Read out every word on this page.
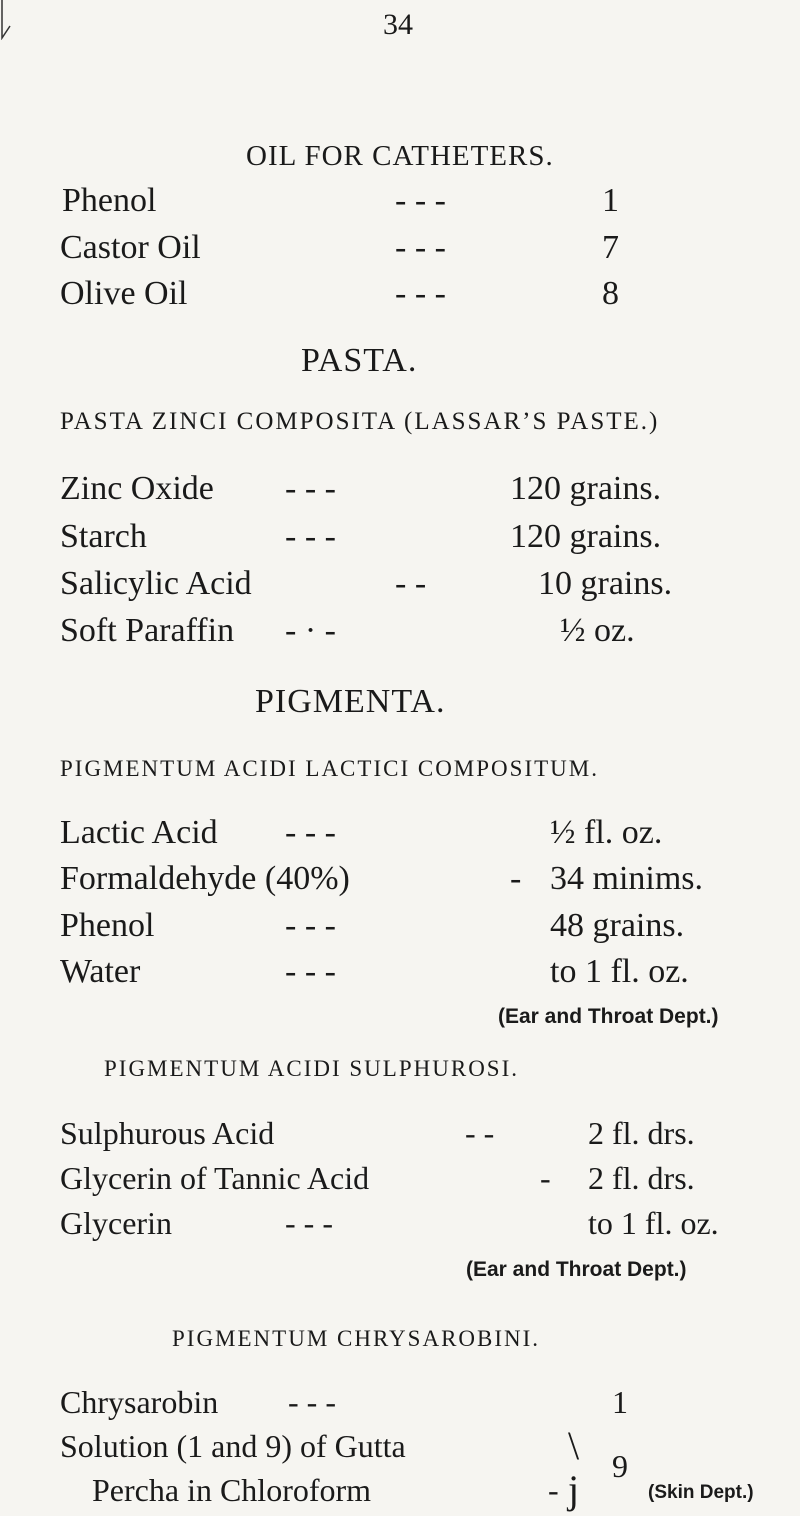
34
OIL FOR CATHETERS.
Phenol	- - -	1
Castor Oil	- - -	7
Olive Oil	- - -	8
PASTA.
PASTA ZINCI COMPOSITA (LASSAR’S PASTE.)
Zinc Oxide - - -	120 grains.
Starch	- - -	120 grains.
Salicylic Acid	- -	10 grains.
Soft Paraffin - · -	½ oz.
PIGMENTA.
PIGMENTUM ACIDI LACTICI COMPOSITUM.
Lactic Acid - - -	½ fl. oz.
Formaldehyde (40%)	- 34 minims.
Phenol	- - -	48 grains.
Water	- - -	to 1 fl. oz.
(Ear and Throat Dept.)
PIGMENTUM ACIDI SULPHUROSI.
Sulphurous Acid	- -	2 fl. drs.
Glycerin of Tannic Acid	- 2 fl. drs.
Glycerin	- - -	to 1 fl. oz.
(Ear and Throat Dept.)
PIGMENTUM CHRYSAROBINI.
Chrysarobin - - -	1
Solution (1 and 9) of Gutta	\ 9
Percha in Chloroform	- j	(Skin Dept.)
